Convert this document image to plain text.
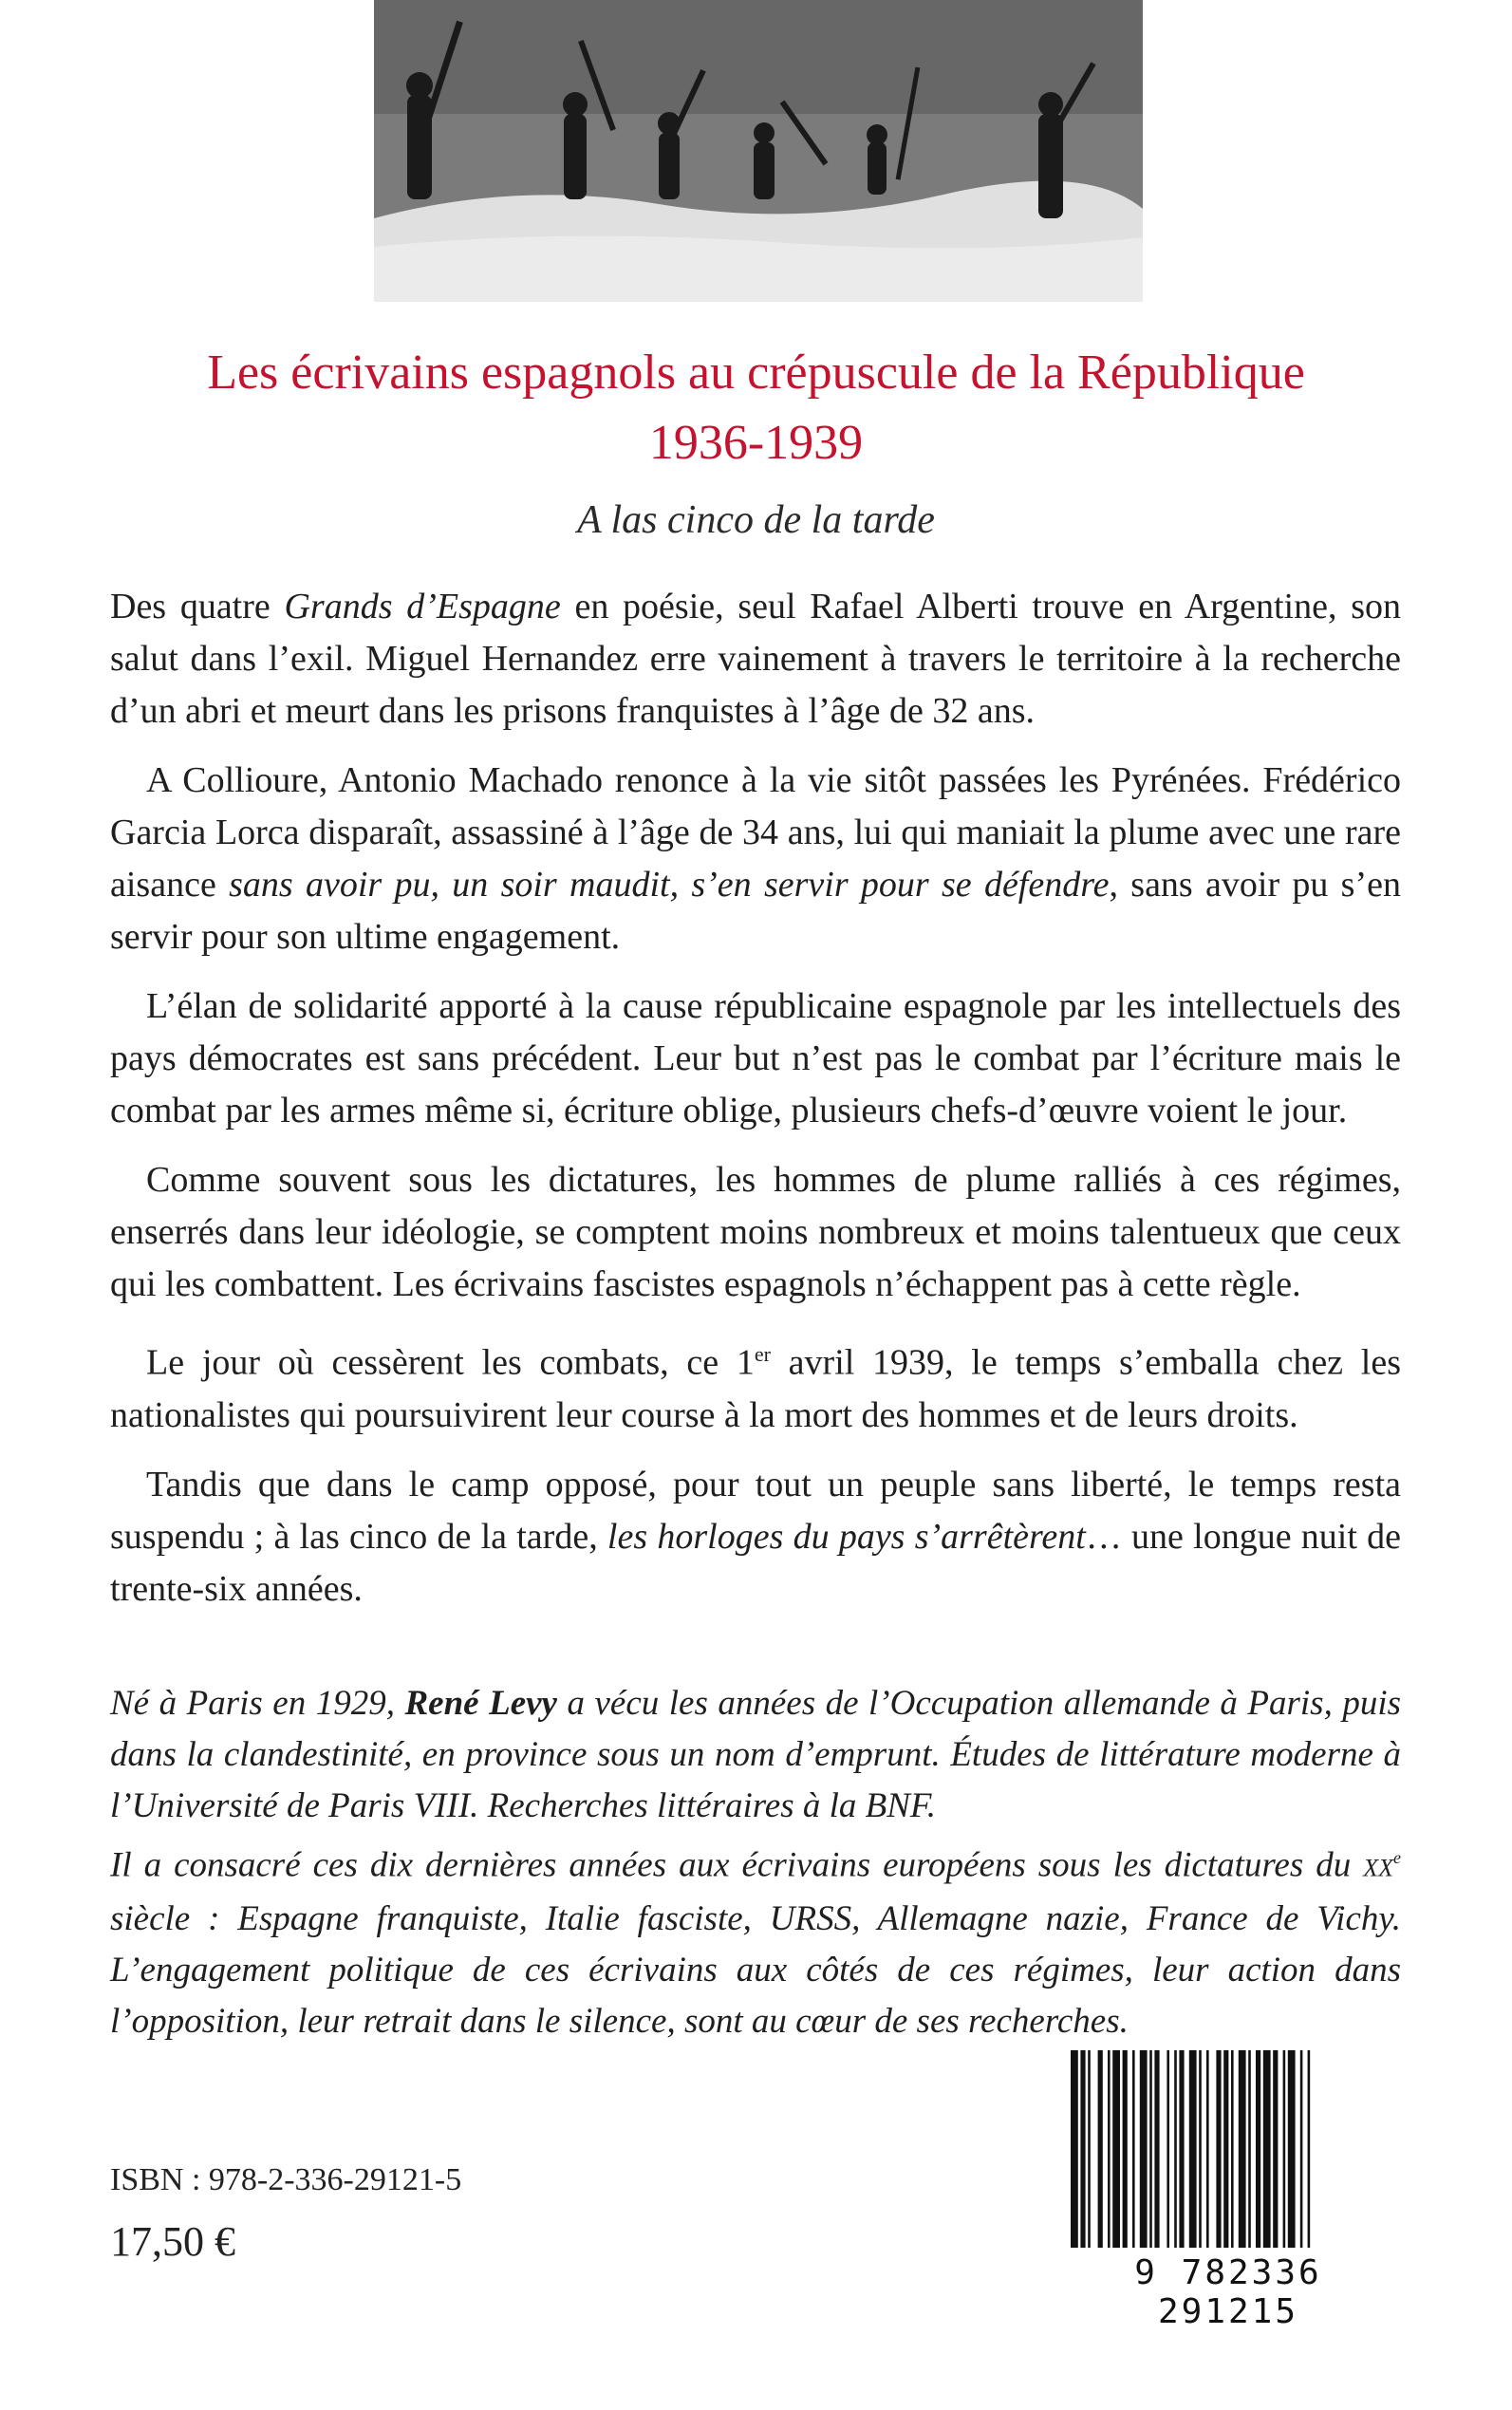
Les écrivains espagnols au crépuscule de la République
1936-1939
A las cinco de la tarde

Des quatre Grands d’Espagne en poésie, seul Rafael Alberti trouve en Argentine, son salut dans l’exil. Miguel Hernandez erre vainement à travers le territoire à la recherche d’un abri et meurt dans les prisons franquistes à l’âge de 32 ans.

A Collioure, Antonio Machado renonce à la vie sitôt passées les Pyrénées. Frédérico Garcia Lorca disparaît, assassiné à l’âge de 34 ans, lui qui maniait la plume avec une rare aisance sans avoir pu, un soir maudit, s’en servir pour se défendre, sans avoir pu s’en servir pour son ultime engagement.

L’élan de solidarité apporté à la cause républicaine espagnole par les intellectuels des pays démocrates est sans précédent. Leur but n’est pas le combat par l’écriture mais le combat par les armes même si, écriture oblige, plusieurs chefs-d’œuvre voient le jour.

Comme souvent sous les dictatures, les hommes de plume ralliés à ces régimes, enserrés dans leur idéologie, se comptent moins nombreux et moins talentueux que ceux qui les combattent. Les écrivains fascistes espagnols n’échappent pas à cette règle.

Le jour où cessèrent les combats, ce 1er avril 1939, le temps s’emballa chez les nationalistes qui poursuivirent leur course à la mort des hommes et de leurs droits.

Tandis que dans le camp opposé, pour tout un peuple sans liberté, le temps resta suspendu ; à las cinco de la tarde, les horloges du pays s’arrêtèrent… une longue nuit de trente-six années.

Né à Paris en 1929, René Levy a vécu les années de l’Occupation allemande à Paris, puis dans la clandestinité, en province sous un nom d’emprunt. Études de littérature moderne à l’Université de Paris VIII. Recherches littéraires à la BNF.

Il a consacré ces dix dernières années aux écrivains européens sous les dictatures du XXe siècle : Espagne franquiste, Italie fasciste, URSS, Allemagne nazie, France de Vichy. L’engagement politique de ces écrivains aux côtés de ces régimes, leur action dans l’opposition, leur retrait dans le silence, sont au cœur de ses recherches.

ISBN : 978-2-336-29121-5
17,50 €
9 782336 291215
